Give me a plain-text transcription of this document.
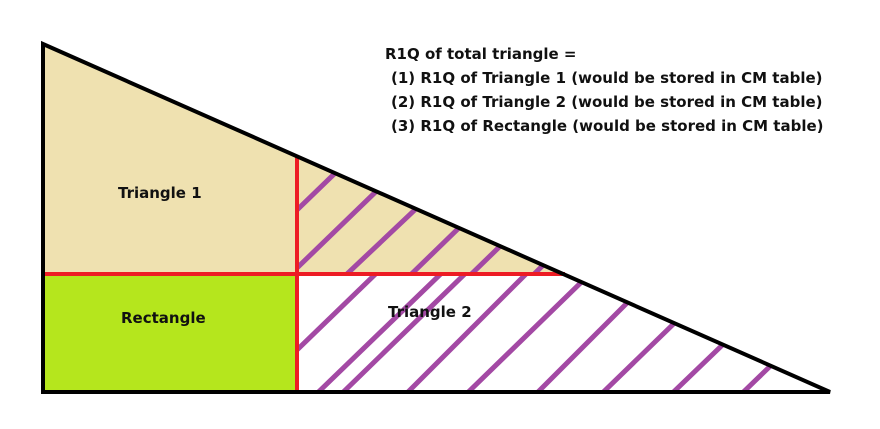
Triangle 1
Rectangle	Triangle 2
R1Q of total triangle =
(1) R1Q of Triangle 1 (would be stored in CM table)
(2) R1Q of Triangle 2 (would be stored in CM table)
(3) R1Q of Rectangle (would be stored in CM table)
